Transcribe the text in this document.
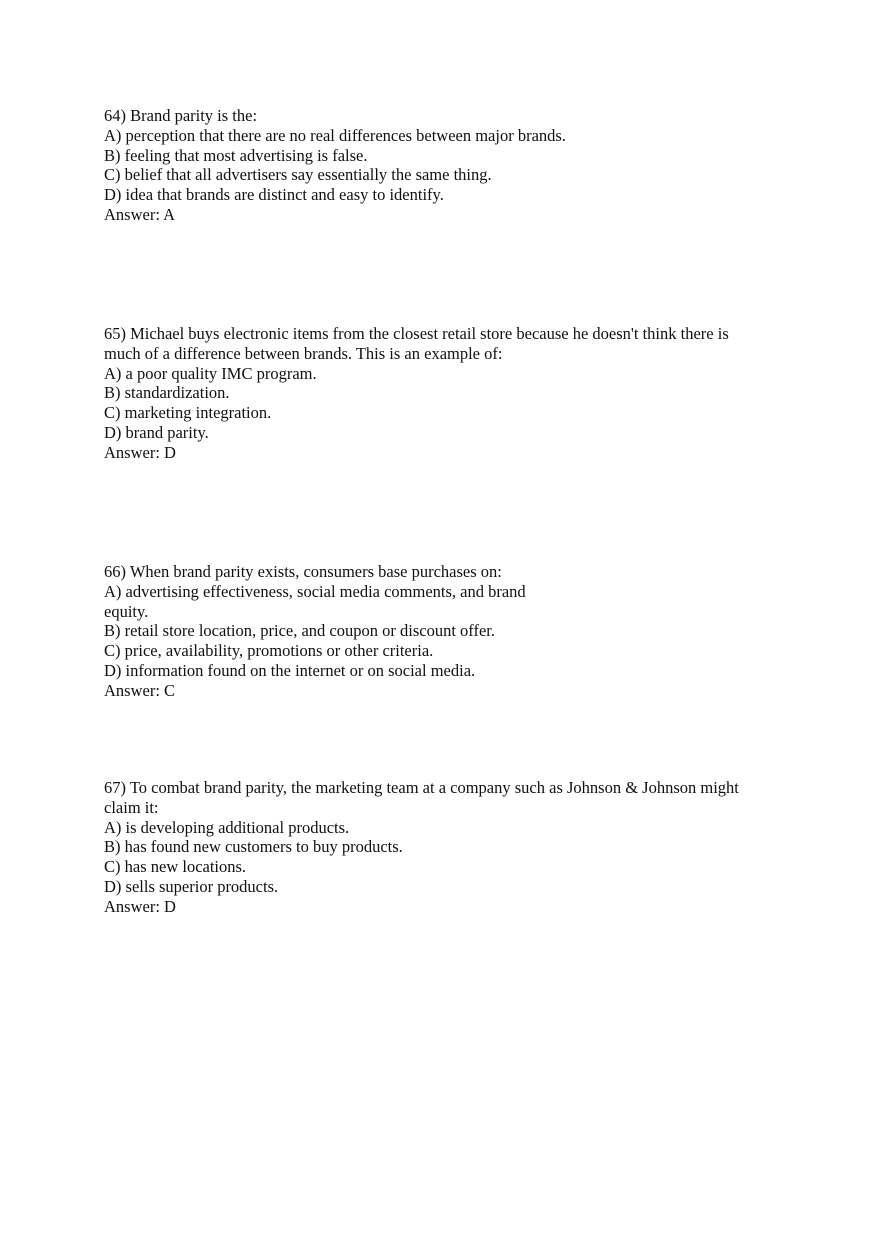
64) Brand parity is the:
A) perception that there are no real differences between major brands.
B) feeling that most advertising is false.
C) belief that all advertisers say essentially the same thing.
D) idea that brands are distinct and easy to identify.
Answer: A
65) Michael buys electronic items from the closest retail store because he doesn't think there is
much of a difference between brands. This is an example of:
A) a poor quality IMC program.
B) standardization.
C) marketing integration.
D) brand parity.
Answer: D
66) When brand parity exists, consumers base purchases on:
A) advertising effectiveness, social media comments, and brand equity.
B) retail store location, price, and coupon or discount offer.
C) price, availability, promotions or other criteria.
D) information found on the internet or on social media.
Answer: C
67) To combat brand parity, the marketing team at a company such as Johnson & Johnson might
claim it:
A) is developing additional products.
B) has found new customers to buy products.
C) has new locations.
D) sells superior products.
Answer: D
